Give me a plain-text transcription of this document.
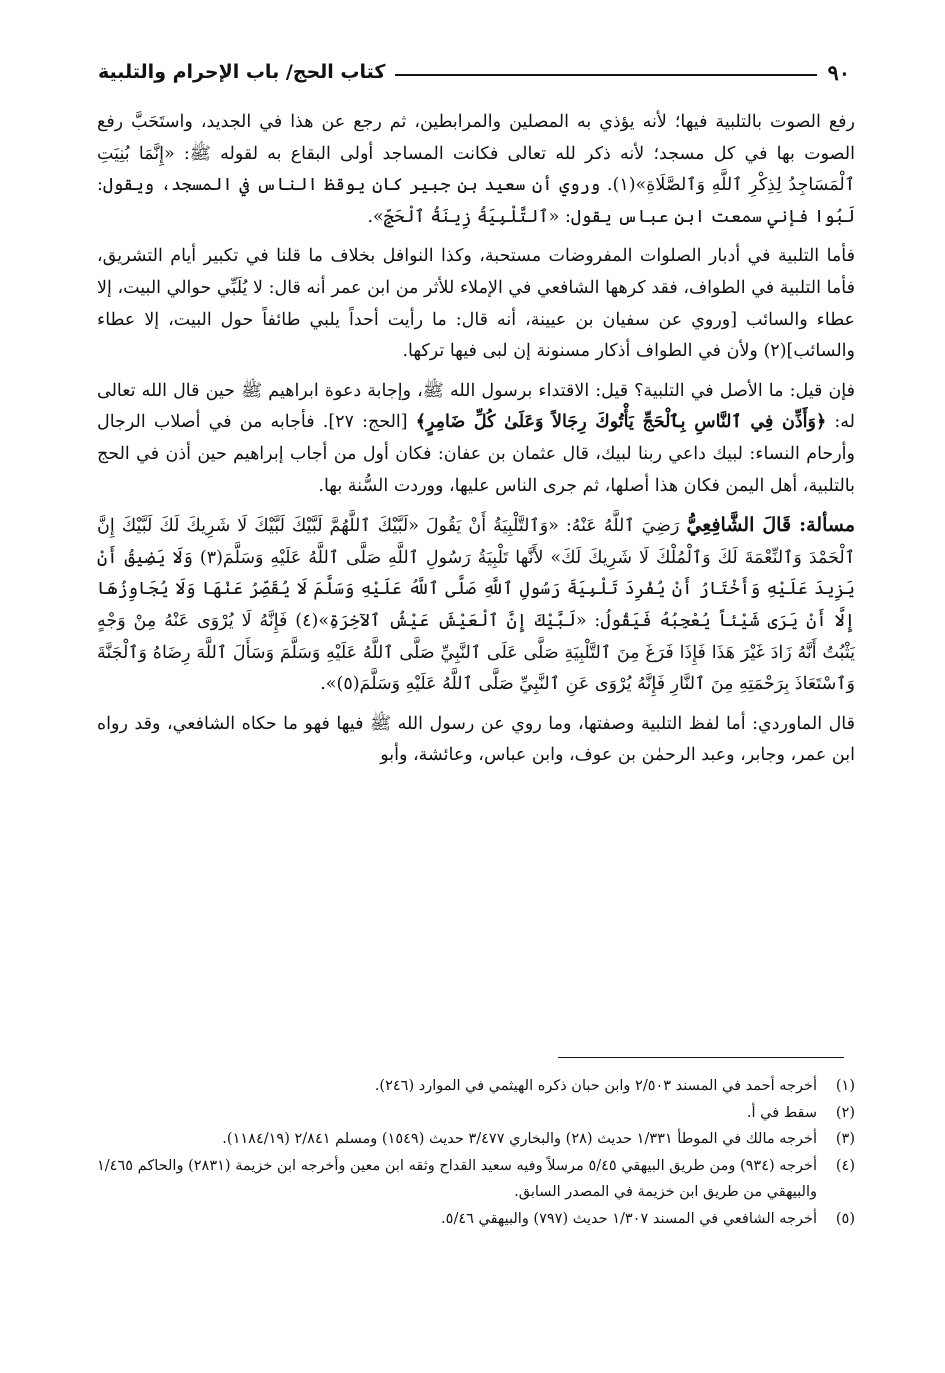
٩٠
كتاب الحج/ باب الإحرام والتلبية

رفع الصوت بالتلبية فيها؛ لأنه يؤذي به المصلين والمرابطين، ثم رجع عن هذا في الجديد، واستَحَبَّ رفع الصوت بها في كل مسجد؛ لأنه ذكر لله تعالى فكانت المساجد أولى البقاع به لقوله ﷺ: «إِنَّمَا بُنِيَتِ ٱلْمَسَاجِدُ لِذِكْرِ ٱللَّهِ وَٱلصَّلَاةِ»(١). وروي أن سعيد بن جبير كان يوقظ الناس في المسجد، ويقول: لَبُوا فإني سمعت ابن عباس يقول: «ٱلتَّلْبِيَةُ زِينَةُ ٱلْحَجِّ».

فأما التلبية في أدبار الصلوات المفروضات مستحبة، وكذا النوافل بخلاف ما قلنا في تكبير أيام التشريق، فأما التلبية في الطواف، فقد كرهها الشافعي في الإملاء للأثر من ابن عمر أنه قال: لا يُلَبِّي حوالي البيت، إلا عطاء والسائب [وروي عن سفيان بن عيينة، أنه قال: ما رأيت أحداً يلبي طائفاً حول البيت، إلا عطاء والسائب](٢) ولأن في الطواف أذكار مسنونة إن لبى فيها تركها.

فإن قيل: ما الأصل في التلبية؟ قيل: الاقتداء برسول الله ﷺ، وإجابة دعوة ابراهيم ﷺ حين قال الله تعالى له: ﴿وَأَذِّن فِي ٱلنَّاسِ بِٱلْحَجِّ يَأْتُوكَ رِجَالاً وَعَلَىٰ كُلِّ ضَامِرٍ﴾ [الحج: ٢٧]. فأجابه من في أصلاب الرجال وأرحام النساء: لبيك داعي ربنا لبيك، قال عثمان بن عفان: فكان أول من أجاب إبراهيم حين أذن في الحج بالتلبية، أهل اليمن فكان هذا أصلها، ثم جرى الناس عليها، ووردت السُّنة بها.

مسألة: قَالَ الشَّافِعِيُّ رَضِيَ ٱللَّهُ عَنْهُ: «وَٱلتَّلْبِيَةُ أَنْ يَقُولَ «لَبَّيْكَ ٱللَّهُمَّ لَبَّيْكَ لَبَّيْكَ لَا شَرِيكَ لَكَ لَبَّيْكَ إِنَّ ٱلْحَمْدَ وَٱلنِّعْمَةَ لَكَ وَٱلْمُلْكَ لَا شَرِيكَ لَكَ» لأَنَّها تَلْبِيَةُ رَسُولِ ٱللَّهِ صَلَّى ٱللَّهُ عَلَيْهِ وَسَلَّمَ(٣) وَلَا يَضِيقُ أَنْ يَزِيدَ عَلَيْهِ وَأَخْتَارُ أَنْ يُفْرِدَ تَلْبِيَةَ رَسُولِ ٱللَّهِ صَلَّى ٱللَّهُ عَلَيْهِ وَسَلَّمَ لَا يُقَصِّرُ عَنْهَا وَلَا يُجَاوِزُهَا إِلَّا أَنْ يَرَى شَيْئاً يُعْجِبُهُ فَيَقُولُ: «لَبَّيْكَ إِنَّ ٱلْعَيْشَ عَيْشُ ٱلآخِرَةِ»(٤) فَإِنَّهُ لَا يُرْوَى عَنْهُ مِنْ وَجْهٍ يَثْبُتُ أَنَّهُ زَادَ غَيْرَ هَذَا فَإِذَا فَرَغَ مِنَ ٱلتَّلْبِيَةِ صَلَّى عَلَى ٱلنَّبِيِّ صَلَّى ٱللَّهُ عَلَيْهِ وَسَلَّمَ وَسَأَلَ ٱللَّهَ رِضَاهُ وَٱلْجَنَّةَ وَٱسْتَعَاذَ بِرَحْمَتِهِ مِنَ ٱلنَّارِ فَإِنَّهُ يُرْوَى عَنِ ٱلنَّبِيِّ صَلَّى ٱللَّهُ عَلَيْهِ وَسَلَّمَ(٥)».

قال الماوردي: أما لفظ التلبية وصفتها، وما روي عن رسول الله ﷺ فيها فهو ما حكاه الشافعي، وقد رواه ابن عمر، وجابر، وعبد الرحمٰن بن عوف، وابن عباس، وعائشة، وأبو

(١)
أخرجه أحمد في المسند ٢/٥٠٣ وابن حبان ذكره الهيثمي في الموارد (٢٤٦).
(٢)
سقط في أ.
(٣)
أخرجه مالك في الموطأ ١/٣٣١ حديث (٢٨) والبخاري ٣/٤٧٧ حديث (١٥٤٩) ومسلم ٢/٨٤١ (١١٨٤/١٩).
(٤)
أخرجه (٩٣٤) ومن طريق البيهقي ٥/٤٥ مرسلاً وفيه سعيد القداح وثقه ابن معين وأخرجه ابن خزيمة (٢٨٣١) والحاكم ١/٤٦٥ والبيهقي من طريق ابن خزيمة في المصدر السابق.
(٥)
أخرجه الشافعي في المسند ١/٣٠٧ حديث (٧٩٧) والبيهقي ٥/٤٦.
